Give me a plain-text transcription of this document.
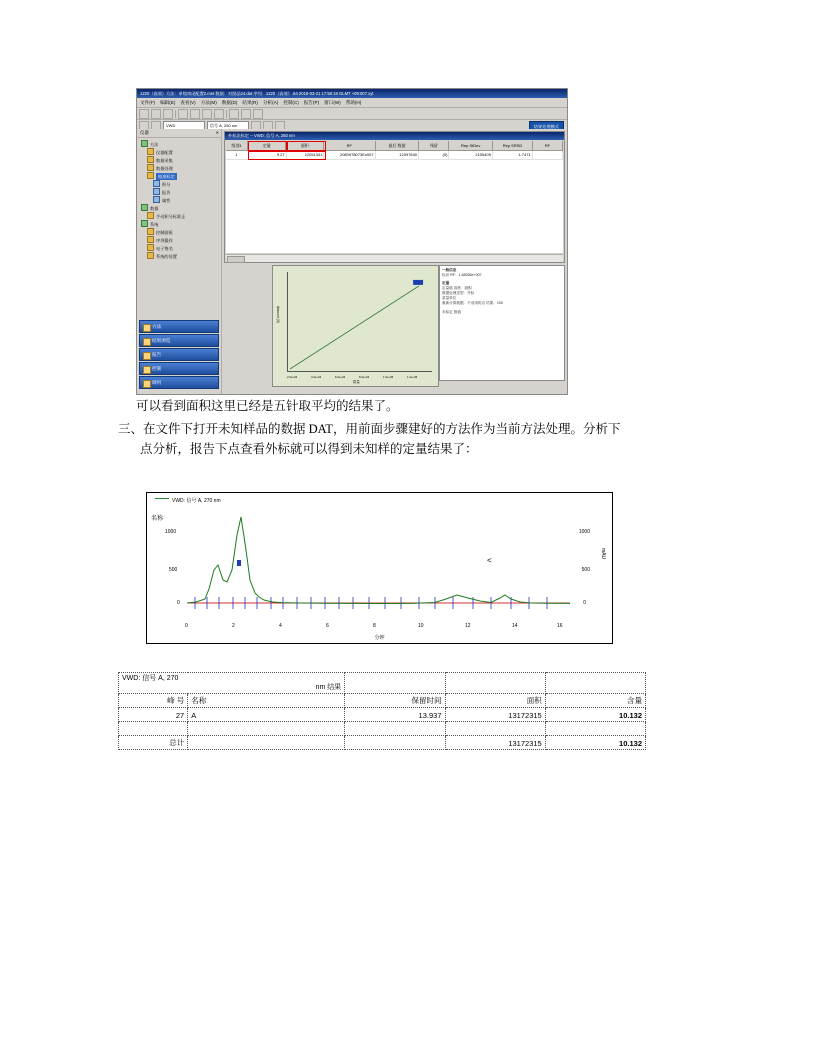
1220（高效）方法：单级串闭配置2.met 数据：对照品24.dat 序列：1220（高效）.64 2018-03-21 17:56:18 GLMT +09:007.xyt
文件(F) 编辑(E) 查看(V) 方法(M) 数据(D) 结果(R) 分析(A) 控制(C) 报告(P) 窗口(W) 帮助(H)
VWD	信号 A, 250 nm	结果处理模式
仪器	✕
方法
仪器配置
数据采集
数据处理
校准标定
积分
报告
属性
数据
手动积分标准正
系统
控制面板
序列操作
电子签名
系统的设置
方法
结果浏览
报告
控制
调用
外标法标定 -- VWD: 信号 A, 250 nm
级别1	定量	面积	RF	最后 数据	残留	Rep StDev	Rep SRSD	RF
1	9.27	12051341	2080978073Ex007	12097640	(0)	2105409	1.7471
Amount (X)
数量
2.0e+04	4.0e+04	6.0e+04	8.0e+04	1.0e+05	1.2e+05
一般信息
标识 RF：1.68326e+007
定量
定量值 高度：面积
数据处理类型：外标
质量单位
重新计算数据：不适用的点 结果：100
未标定 数值
可以看到面积这里已经是五针取平均的结果了。
三、在文件下打开未知样品的数据 DAT，用前面步骤建好的方法作为当前方法处理。分析下
点分析，报告下点查看外标就可以得到未知样的定量结果了：
VWD: 信号 A, 270 nm
名称
<
1000
500
0
1000
500
0
mAU
0	2	4	6	8	10	12	14	16
分钟
VWD: 信号 A, 270
nm 结果				

峰 号	名称	保留时间	面积	含量
27	A	13.937	13172315	10.132

总计			13172315	10.132
